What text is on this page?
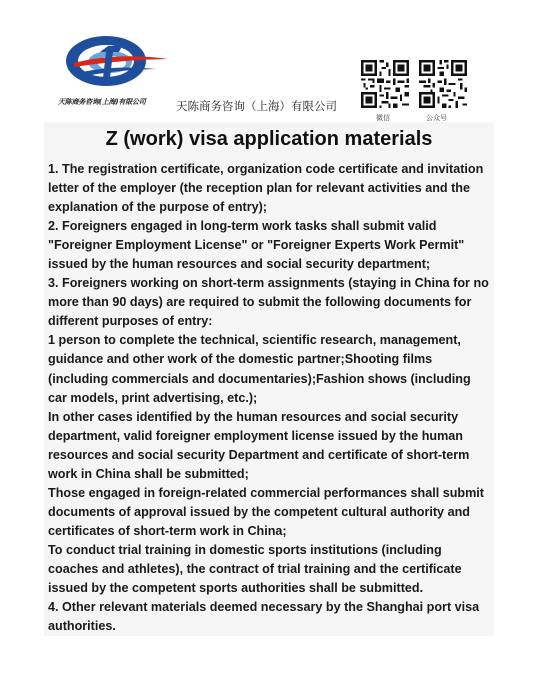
天陈商务咨询(上海)有限公司	天陈商务咨询（上海）有限公司
微信	公众号
Z (work) visa application materials

1. The registration certificate, organization code certificate and invitation letter of the employer (the reception plan for relevant activities and the explanation of the purpose of entry);

2. Foreigners engaged in long-term work tasks shall submit valid "Foreigner Employment License" or "Foreigner Experts Work Permit" issued by the human resources and social security department;

3. Foreigners working on short-term assignments (staying in China for no more than 90 days) are required to submit the following documents for different purposes of entry:

1 person to complete the technical, scientific research, management, guidance and other work of the domestic partner;Shooting films (including commercials and documentaries);Fashion shows (including car models, print advertising, etc.);

In other cases identified by the human resources and social security department, valid foreigner employment license issued by the human resources and social security Department and certificate of short-term work in China shall be submitted;

Those engaged in foreign-related commercial performances shall submit documents of approval issued by the competent cultural authority and certificates of short-term work in China;

To conduct trial training in domestic sports institutions (including coaches and athletes), the contract of trial training and the certificate issued by the competent sports authorities shall be submitted.

4. Other relevant materials deemed necessary by the Shanghai port visa authorities.
